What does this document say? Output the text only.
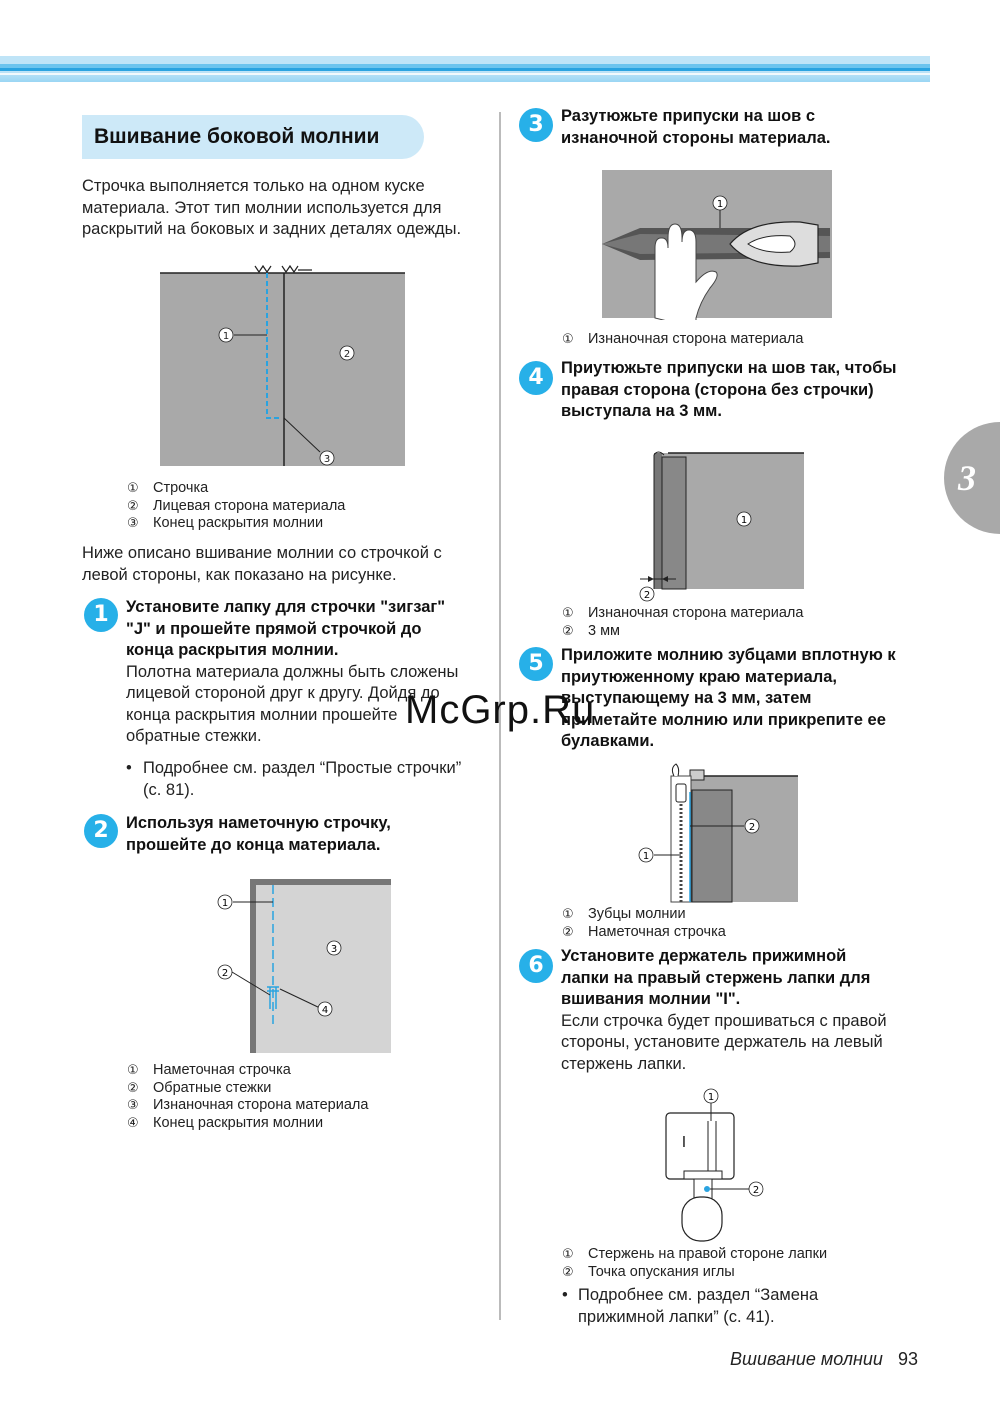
Вшивание боковой молнии
3
Строчка выполняется только на одном куске
материала. Этот тип молнии используется для
раскрытий на боковых и задних деталях одежды.
1
2
3
① Строчка
② Лицевая сторона материала
③ Конец раскрытия молнии
Ниже описано вшивание молнии со строчкой с
левой стороны, как показано на рисунке.
1	Установите лапку для строчки "зигзаг"
"J" и прошейте прямой строчкой до
конца раскрытия молнии.
Полотна материала должны быть сложены
лицевой стороной друг к другу. Дойдя до
конца раскрытия молнии прошейте
обратные стежки.
• Подробнее см. раздел “Простые строчки”
(с. 81).
2	Используя наметочную строчку,
прошейте до конца материала.
1
2
3
4
① Наметочная строчка
② Обратные стежки
③ Изнаночная сторона материала
④ Конец раскрытия молнии
3	Разутюжьте припуски на шов с
изнаночной стороны материала.
1
① Изнаночная сторона материала
4	Приутюжьте припуски на шов так, чтобы
правая сторона (сторона без строчки)
выступала на 3 мм.
1
2
① Изнаночная сторона материала
② 3 мм
5	Приложите молнию зубцами вплотную к
приутюженному краю материала,
выступающему на 3 мм, затем
приметайте молнию или прикрепите ее
булавками.
2
1
① Зубцы молнии
② Наметочная строчка
6	Установите держатель прижимной
лапки на правый стержень лапки для
вшивания молнии "I".
Если строчка будет прошиваться с правой
стороны, установите держатель на левый
стержень лапки.
I
1
2
① Стержень на правой стороне лапки
② Точка опускания иглы
• Подробнее см. раздел “Замена
прижимной лапки” (с. 41).
McGrp.Ru
Вшивание молнии 93
